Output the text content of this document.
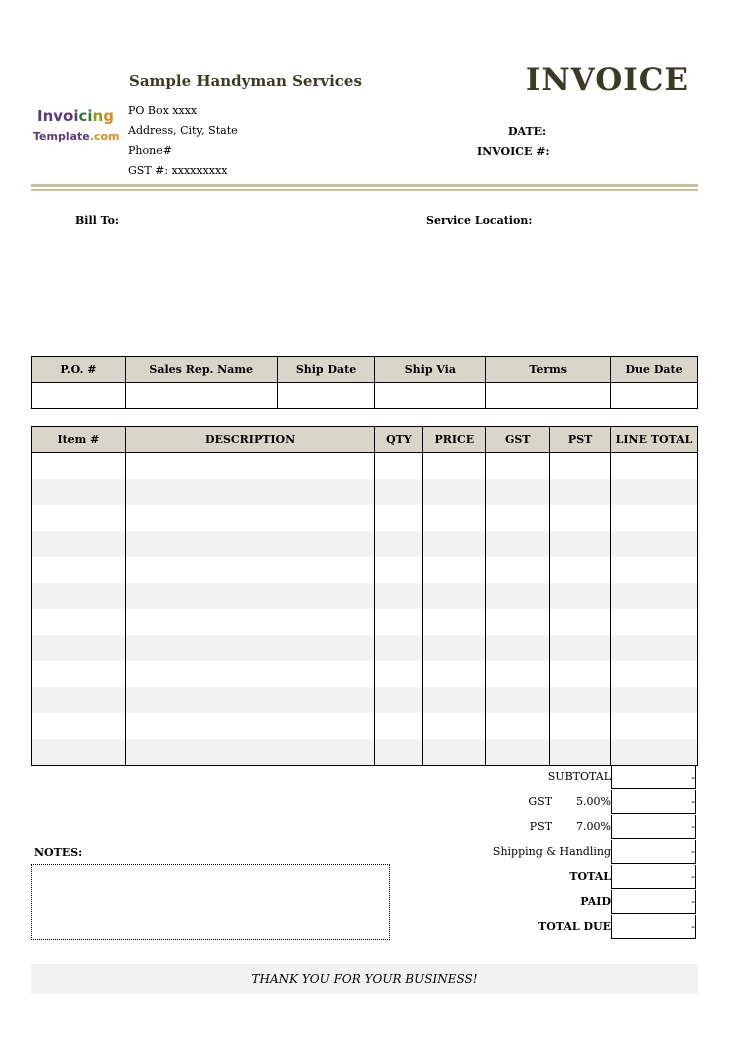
Invoicing
Template.com
Sample Handyman Services
PO Box xxxx
Address, City, State
Phone#
GST #: xxxxxxxxx
INVOICE
DATE:
INVOICE #:
Bill To:	Service Location:
P.O. #	Sales Rep. Name	Ship Date	Ship Via	Terms	Due Date

Item #	DESCRIPTION	QTY	PRICE	GST	PST	LINE TOTAL

SUBTOTAL	-
GST 5.00%	-
PST 7.00%	-
Shipping & Handling	-
TOTAL	-
PAID	-
TOTAL DUE	-
NOTES:
THANK YOU FOR YOUR BUSINESS!
